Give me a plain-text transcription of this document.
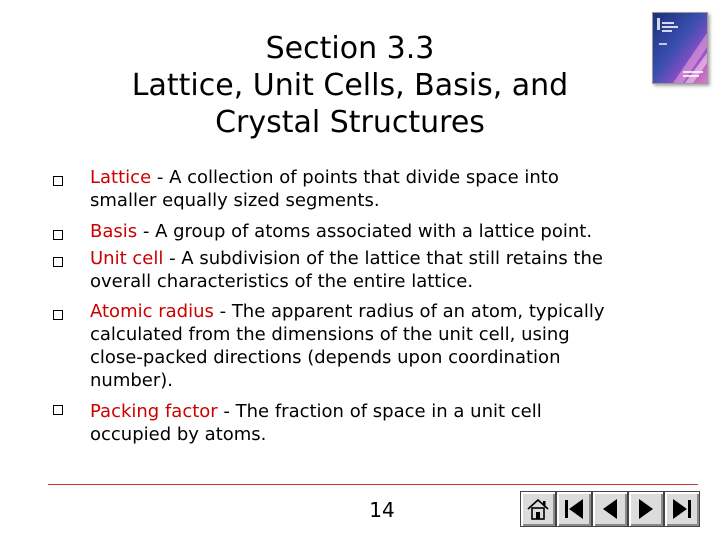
Section 3.3
Lattice, Unit Cells, Basis, and
Crystal Structures
Lattice - A collection of points that divide space into
smaller equally sized segments.
Basis - A group of atoms associated with a lattice point.
Unit cell - A subdivision of the lattice that still retains the
overall characteristics of the entire lattice.
Atomic radius - The apparent radius of an atom, typically
calculated from the dimensions of the unit cell, using
close-packed directions (depends upon coordination
number).
Packing factor - The fraction of space in a unit cell
occupied by atoms.
14
